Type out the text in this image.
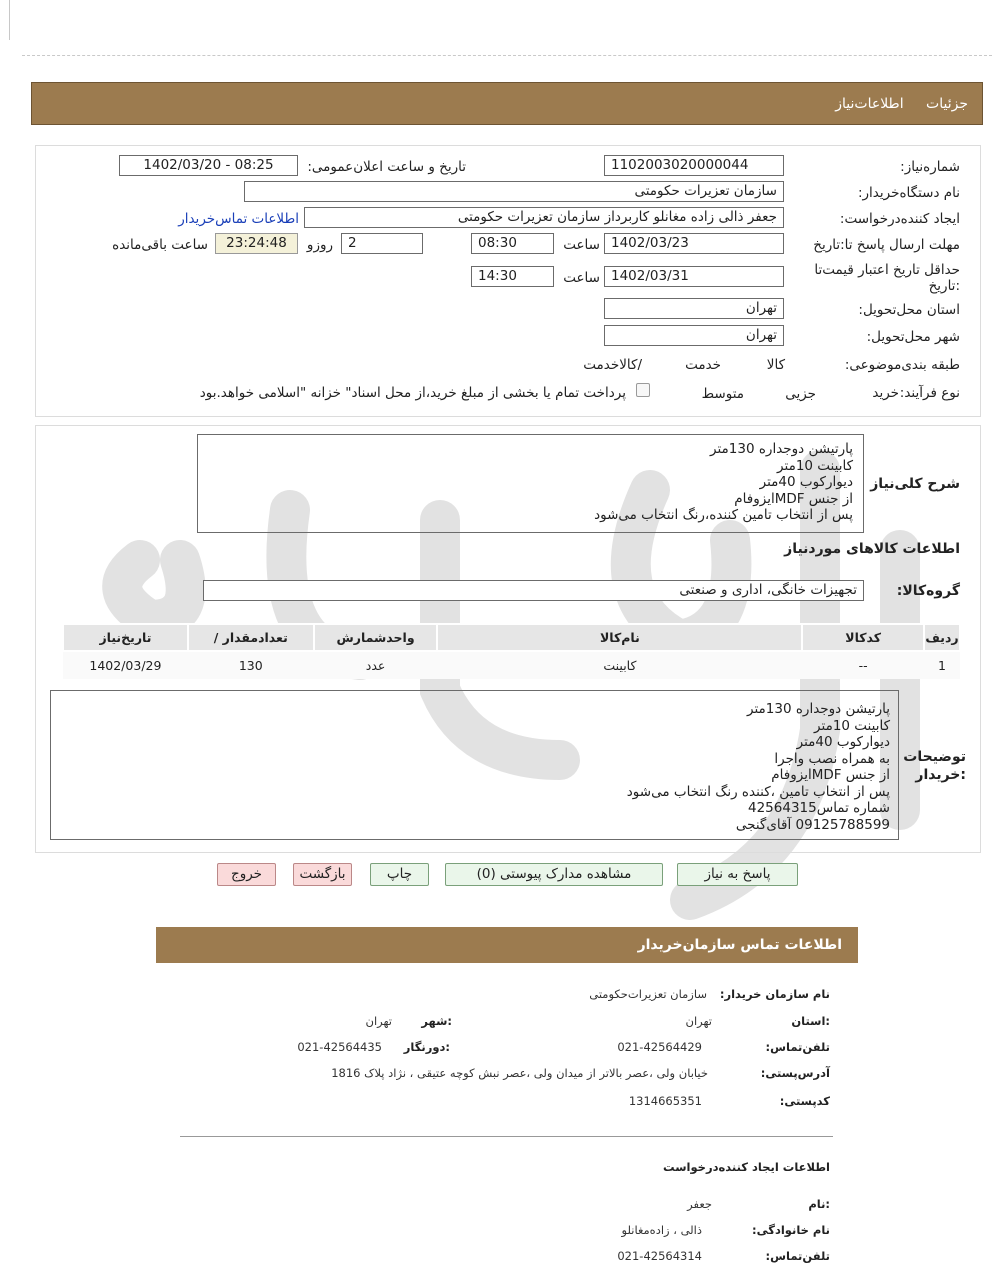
جزئیات اطلاعات‌نیاز
شماره‌نیاز:
1102003020000044
تاریخ و ساعت اعلان‌عمومی:
1402/03/20 - 08:25
نام دستگاه‌خریدار:
سازمان تعزیرات حکومتی
ایجاد کننده‌درخواست:
جعفر ذالی زاده مغانلو کاربرداز سازمان تعزیرات حکومتی
اطلاعات تماس‌خریدار
مهلت ارسال پاسخ تا:تاریخ
1402/03/23
ساعت
08:30
2
روزو
23:24:48
ساعت باقی‌مانده
حداقل تاریخ اعتبار قیمت‌تا
:تاریخ
1402/03/31
ساعت
14:30
استان محل‌تحویل:
تهران
شهر محل‌تحویل:
تهران
طبقه بندی‌موضوعی:

کالا

خدمت

/کالاخدمت
نوع فرآیند:
خرید

جزیی
متوسط
پرداخت تمام یا بخشی از مبلغ خرید،از محل اسناد" خزانه "اسلامی خواهد.بود
شرح کلی‌نیاز
پارتیشن دوجداره 130متر
کابینت 10متر
دیوارکوب 40متر
از جنس MDFایزوفام
پس از انتخاب تامین کننده،رنگ انتخاب می‌شود
اطلاعات کالاهای موردنیاز
گروه‌کالا:
تجهیزات خانگی، اداری و صنعتی
ردیف	کدکالا	نام‌کالا	واحدشمارش	تعدادمقدار /	تاریخ‌نیاز
1	--	کابینت	عدد	130	1402/03/29
توضیحات
:خریدار
پارتیشن دوجداره 130متر
کابینت 10متر
دیوارکوب 40متر
به همراه نصب واجرا
از جنس MDFایزوفام
پس از انتخاب تامین ،کننده رنگ انتخاب می‌شود
شماره تماس42564315
09125788599 آقای‌گنجی
پاسخ به نیاز
مشاهده مدارک پیوستی (0)
چاپ
بازگشت
خروج
اطلاعات تماس سازمان‌خریدار
نام سازمان خریدار:
سازمان تعزیرات‌حکومتی
:استان
تهران
:شهر
تهران
تلفن‌تماس:
021-42564429
:دورنگار
021-42564435
آدرس‌پستی:
خیابان ولی ،عصر بالاتر از میدان ولی ،عصر نبش کوچه عتیقی ، نژاد پلاک 1816
کدپستی:
1314665351
اطلاعات ایجاد کننده‌درخواست
:نام
جعفر
نام خانوادگی:
ذالی ، زاده‌مغانلو
تلفن‌تماس:
021-42564314
